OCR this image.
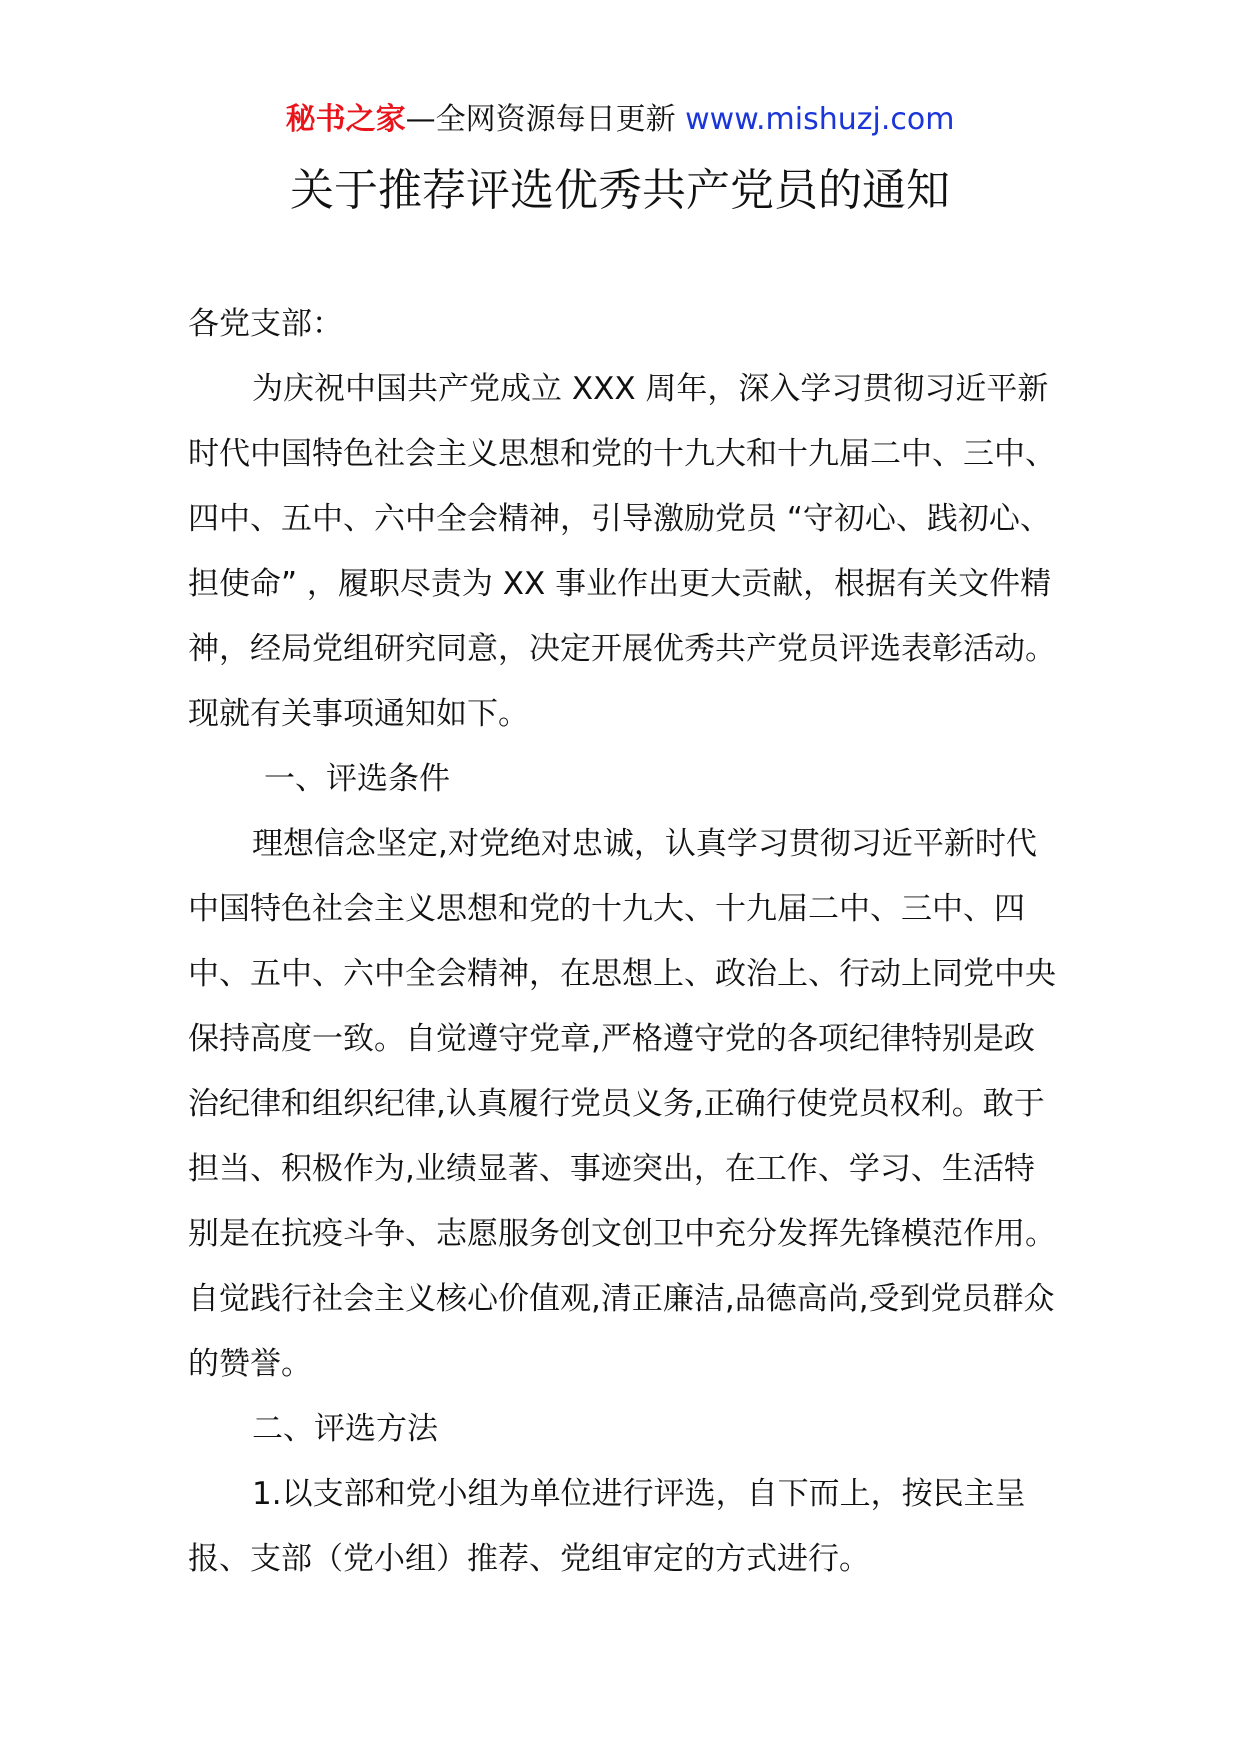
秘书之家—全网资源每日更新 www.mishuzj.com
关于推荐评选优秀共产党员的通知

各党支部：

为庆祝中国共产党成立 XXX 周年，深入学习贯彻习近平新时代中国特色社会主义思想和党的十九大和十九届二中、三中、四中、五中、六中全会精神，引导激励党员 “守初心、践初心、担使命” ，履职尽责为 XX 事业作出更大贡献，根据有关文件精神，经局党组研究同意，决定开展优秀共产党员评选表彰活动。现就有关事项通知如下。

一、评选条件

理想信念坚定,对党绝对忠诚，认真学习贯彻习近平新时代中国特色社会主义思想和党的十九大、十九届二中、三中、四中、五中、六中全会精神，在思想上、政治上、行动上同党中央保持高度一致。自觉遵守党章,严格遵守党的各项纪律特别是政治纪律和组织纪律,认真履行党员义务,正确行使党员权利。敢于担当、积极作为,业绩显著、事迹突出，在工作、学习、生活特别是在抗疫斗争、志愿服务创文创卫中充分发挥先锋模范作用。自觉践行社会主义核心价值观,清正廉洁,品德高尚,受到党员群众的赞誉。

二、评选方法

1.以支部和党小组为单位进行评选，自下而上，按民主呈报、支部（党小组）推荐、党组审定的方式进行。
